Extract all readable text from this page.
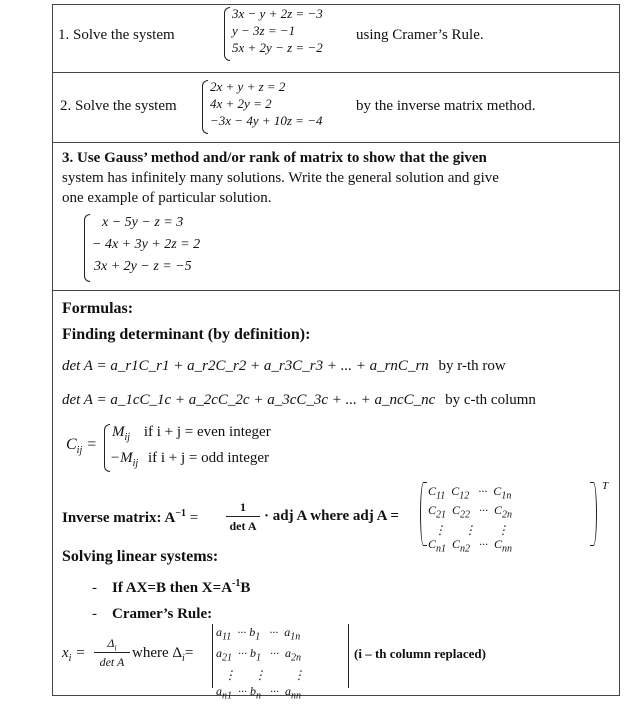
1. Solve the system
3x − y + 2z = −3
y − 3z = −1
5x + 2y − z = −2
using Cramer’s Rule.
2. Solve the system
2x + y + z = 2
4x + 2y = 2
−3x − 4y + 10z = −4
by the inverse matrix method.
3. Use Gauss’ method and/or rank of matrix to show that the given
system has infinitely many solutions. Write the general solution and give
one example of particular solution.
x − 5y − z = 3
− 4x + 3y + 2z = 2
3x + 2y − z = −5
Formulas:
Finding determinant (by definition):
det A = a_r1C_r1 + a_r2C_r2 + a_r3C_r3 + ... + a_rnC_rn by r-th row
det A = a_1cC_1c + a_2cC_2c + a_3cC_3c + ... + a_ncC_nc by c-th column
$C_{ij}$ =
$M_{ij}$ if i + j = even integer
$-M_{ij}$ if i + j = odd integer
Inverse matrix: $A^{-1}$ =
1
det A
· adj A where adj A =
$C_{11}$  $C_{12}$   ···  $C_{1n}$
$C_{21}$  $C_{22}$   ···  $C_{2n}$
⋮      ⋮       ⋮
$C_{n1}$  $C_{n2}$   ···  $C_{nn}$
T
Solving linear systems:
- If AX=B then $X=A^{-1}B$
- Cramer’s Rule:
$x_i$ =
$\Delta_i$
det A
where $\Delta_i=$
$a_{11}$  ··· $b_1$   ···  $a_{1n}$
$a_{21}$  ··· $b_1$   ···  $a_{2n}$
⋮      ⋮         ⋮
$a_{n1}$  ··· $b_n$   ···  $a_{nn}$
(i – th column replaced)
